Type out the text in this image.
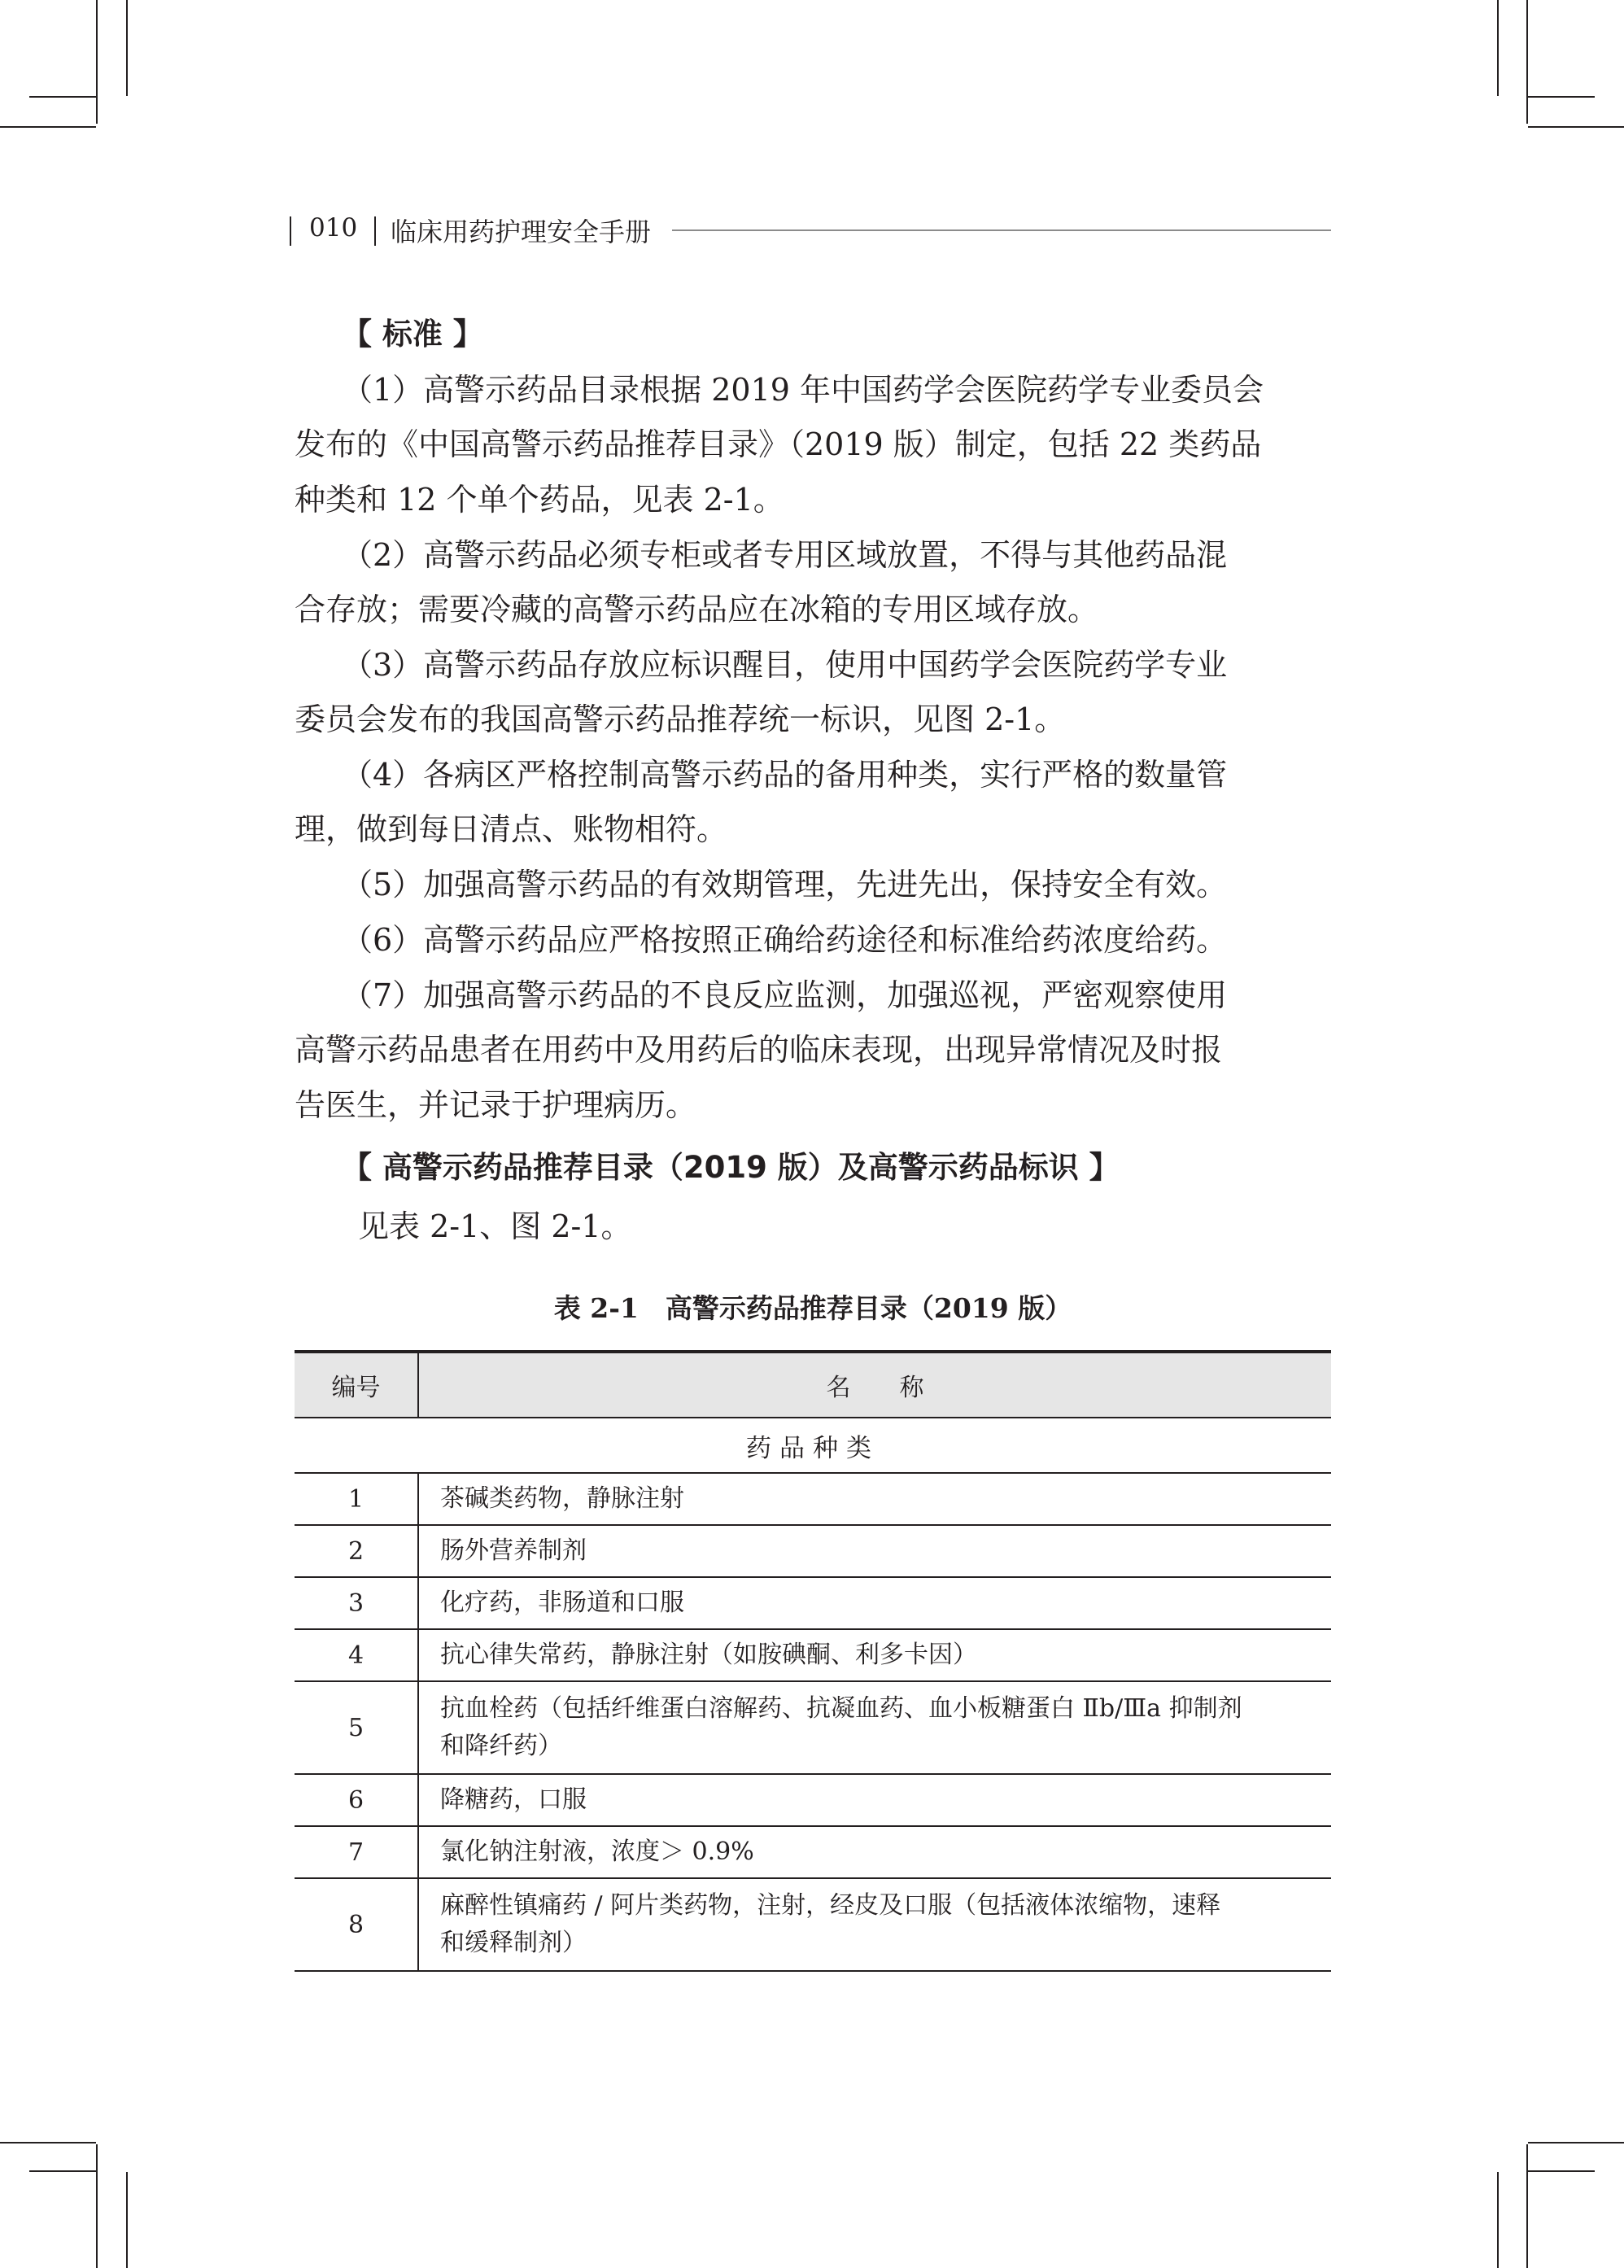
010 临床用药护理安全手册
【 标准 】
（1）高警示药品目录根据 2019 年中国药学会医院药学专业委员会
发布的《中国高警示药品推荐目录》（2019 版）制定，包括 22 类药品
种类和 12 个单个药品，见表 2-1。
（2）高警示药品必须专柜或者专用区域放置，不得与其他药品混
合存放；需要冷藏的高警示药品应在冰箱的专用区域存放。
（3）高警示药品存放应标识醒目，使用中国药学会医院药学专业
委员会发布的我国高警示药品推荐统一标识，见图 2-1。
（4）各病区严格控制高警示药品的备用种类，实行严格的数量管
理，做到每日清点、账物相符。
（5）加强高警示药品的有效期管理，先进先出，保持安全有效。
（6）高警示药品应严格按照正确给药途径和标准给药浓度给药。
（7）加强高警示药品的不良反应监测，加强巡视，严密观察使用
高警示药品患者在用药中及用药后的临床表现，出现异常情况及时报
告医生，并记录于护理病历。
【 高警示药品推荐目录（2019 版）及高警示药品标识 】
见表 2-1、图 2-1。
表 2-1　高警示药品推荐目录（2019 版）
编号	名　　称
药品种类	
1	茶碱类药物，静脉注射
2	肠外营养制剂
3	化疗药，非肠道和口服
4	抗心律失常药，静脉注射（如胺碘酮、利多卡因）
5	抗血栓药（包括纤维蛋白溶解药、抗凝血药、血小板糖蛋白 Ⅱb/Ⅲa 抑制剂
和降纤药）

6	降糖药，口服
7	氯化钠注射液，浓度＞ 0.9%
8	麻醉性镇痛药 / 阿片类药物，注射，经皮及口服（包括液体浓缩物，速释
和缓释制剂）
